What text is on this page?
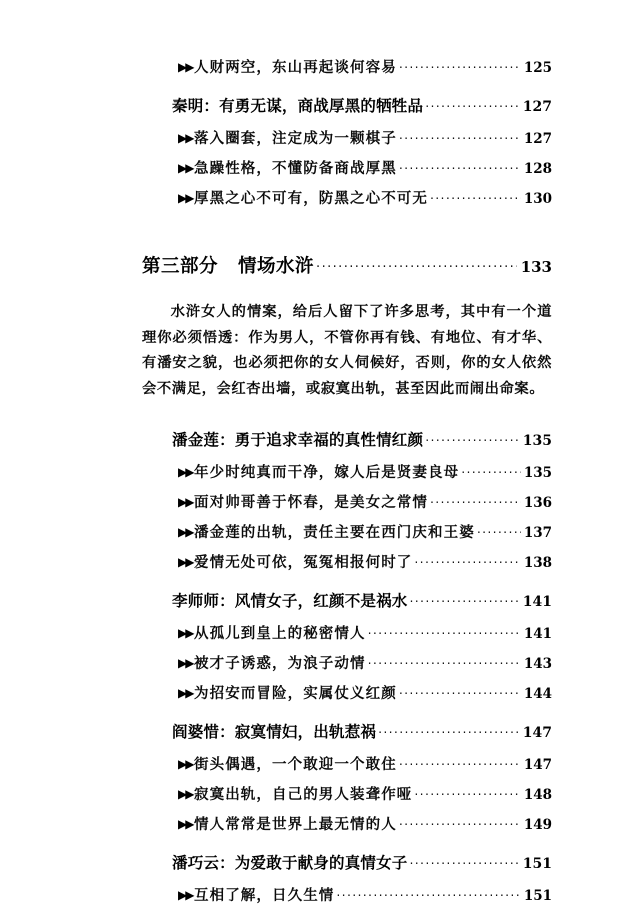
▶▶ 人财两空，东山再起谈何容易 .....	125
秦明：有勇无谋，商战厚黑的牺牲品 .....	127
▶▶ 落入圈套，注定成为一颗棋子 .....	127
▶▶ 急躁性格，不懂防备商战厚黑 .....	128
▶▶ 厚黑之心不可有，防黑之心不可无 .....	130
第三部分 情场水浒 .....	133

水浒女人的情案，给后人留下了许多思考，其中有一个道理你必须悟透：作为男人，不管你再有钱、有地位、有才华、有潘安之貌，也必须把你的女人伺候好，否则，你的女人依然会不满足，会红杏出墙，或寂寞出轨，甚至因此而闹出命案。

潘金莲：勇于追求幸福的真性情红颜 .....	135
▶▶ 年少时纯真而干净，嫁人后是贤妻良母 .....	135
▶▶ 面对帅哥善于怀春，是美女之常情 .....	136
▶▶ 潘金莲的出轨，责任主要在西门庆和王婆 .....	137
▶▶ 爱情无处可依，冤冤相报何时了 .....	138
李师师：风情女子，红颜不是祸水 .....	141
▶▶ 从孤儿到皇上的秘密情人 .....	141
▶▶ 被才子诱惑，为浪子动情 .....	143
▶▶ 为招安而冒险，实属仗义红颜 .....	144
阎婆惜：寂寞情妇，出轨惹祸 .....	147
▶▶ 街头偶遇，一个敢迎一个敢住 .....	147
▶▶ 寂寞出轨，自己的男人装聋作哑 .....	148
▶▶ 情人常常是世界上最无情的人 .....	149
潘巧云：为爱敢于献身的真情女子 .....	151
▶▶ 互相了解，日久生情 .....	151
